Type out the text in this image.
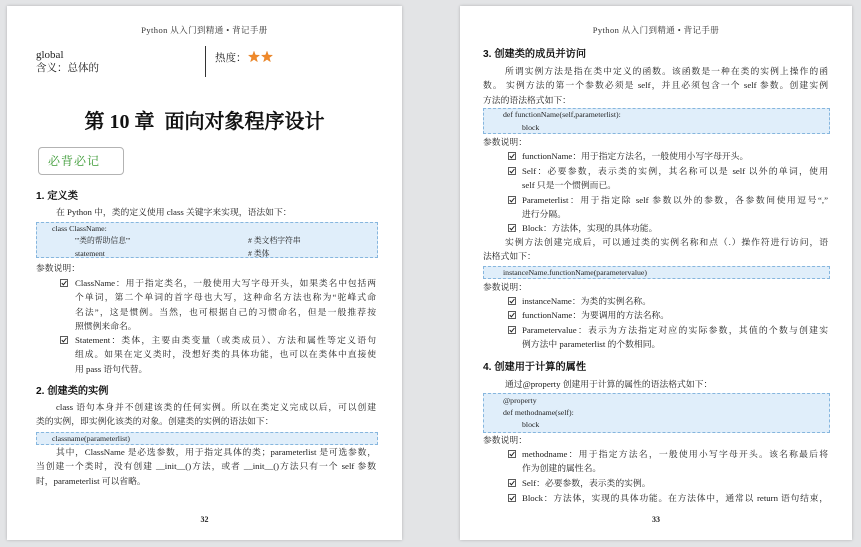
Python 从入门到精通 • 背记手册
global
含义：总体的
热度：
第 10 章  面向对象程序设计
必背必记
1. 定义类
在 Python 中，类的定义使用 class 关键字来实现，语法如下：
class ClassName:
'''类的帮助信息'''	# 类文档字符串
statement	# 类体
参数说明：
ClassName：用于指定类名，一般使用大写字母开头，如果类名中包括两
个单词，第二个单词的首字母也大写，这种命名方法也称为“驼峰式命
名法”，这是惯例。当然，也可根据自己的习惯命名，但是一般推荐按
照惯例来命名。
Statement：类体，主要由类变量（或类成员）、方法和属性等定义语句
组成。如果在定义类时，没想好类的具体功能，也可以在类体中直接使
用 pass 语句代替。
2. 创建类的实例
class 语句本身并不创建该类的任何实例。所以在类定义完成以后，可以创建
类的实例，即实例化该类的对象。创建类的实例的语法如下：
classname(parameterlist)
其中，ClassName 是必选参数，用于指定具体的类；parameterlist 是可选参数，
当创建一个类时，没有创建 __init__()方法，或者 __init__()方法只有一个 self 参数
时，parameterlist 可以省略。
32
Python 从入门到精通 • 背记手册
3. 创建类的成员并访问
所谓实例方法是指在类中定义的函数。该函数是一种在类的实例上操作的函
数。 实例方法的第一个参数必须是 self，并且必须包含一个 self 参数。创建实例
方法的语法格式如下：
def functionName(self,parameterlist):
block
参数说明：
functionName：用于指定方法名，一般使用小写字母开头。
Self：必要参数，表示类的实例，其名称可以是 self 以外的单词，使用
self 只是一个惯例而已。
Parameterlist：用于指定除 self 参数以外的参数，各参数间使用逗号“,”
进行分隔。
Block：方法体，实现的具体功能。
实例方法创建完成后，可以通过类的实例名称和点（.）操作符进行访问，语
法格式如下：
instanceName.functionName(parametervalue)
参数说明：
instanceName：为类的实例名称。
functionName：为要调用的方法名称。
Parametervalue：表示为方法指定对应的实际参数，其值的个数与创建实
例方法中 parameterlist 的个数相同。
4. 创建用于计算的属性
通过@property 创建用于计算的属性的语法格式如下：
@property
def methodname(self):
block
参数说明：
methodname：用于指定方法名，一般使用小写字母开头。该名称最后将
作为创建的属性名。
Self：必要参数，表示类的实例。
Block：方法体，实现的具体功能。在方法体中，通常以 return 语句结束，
33
